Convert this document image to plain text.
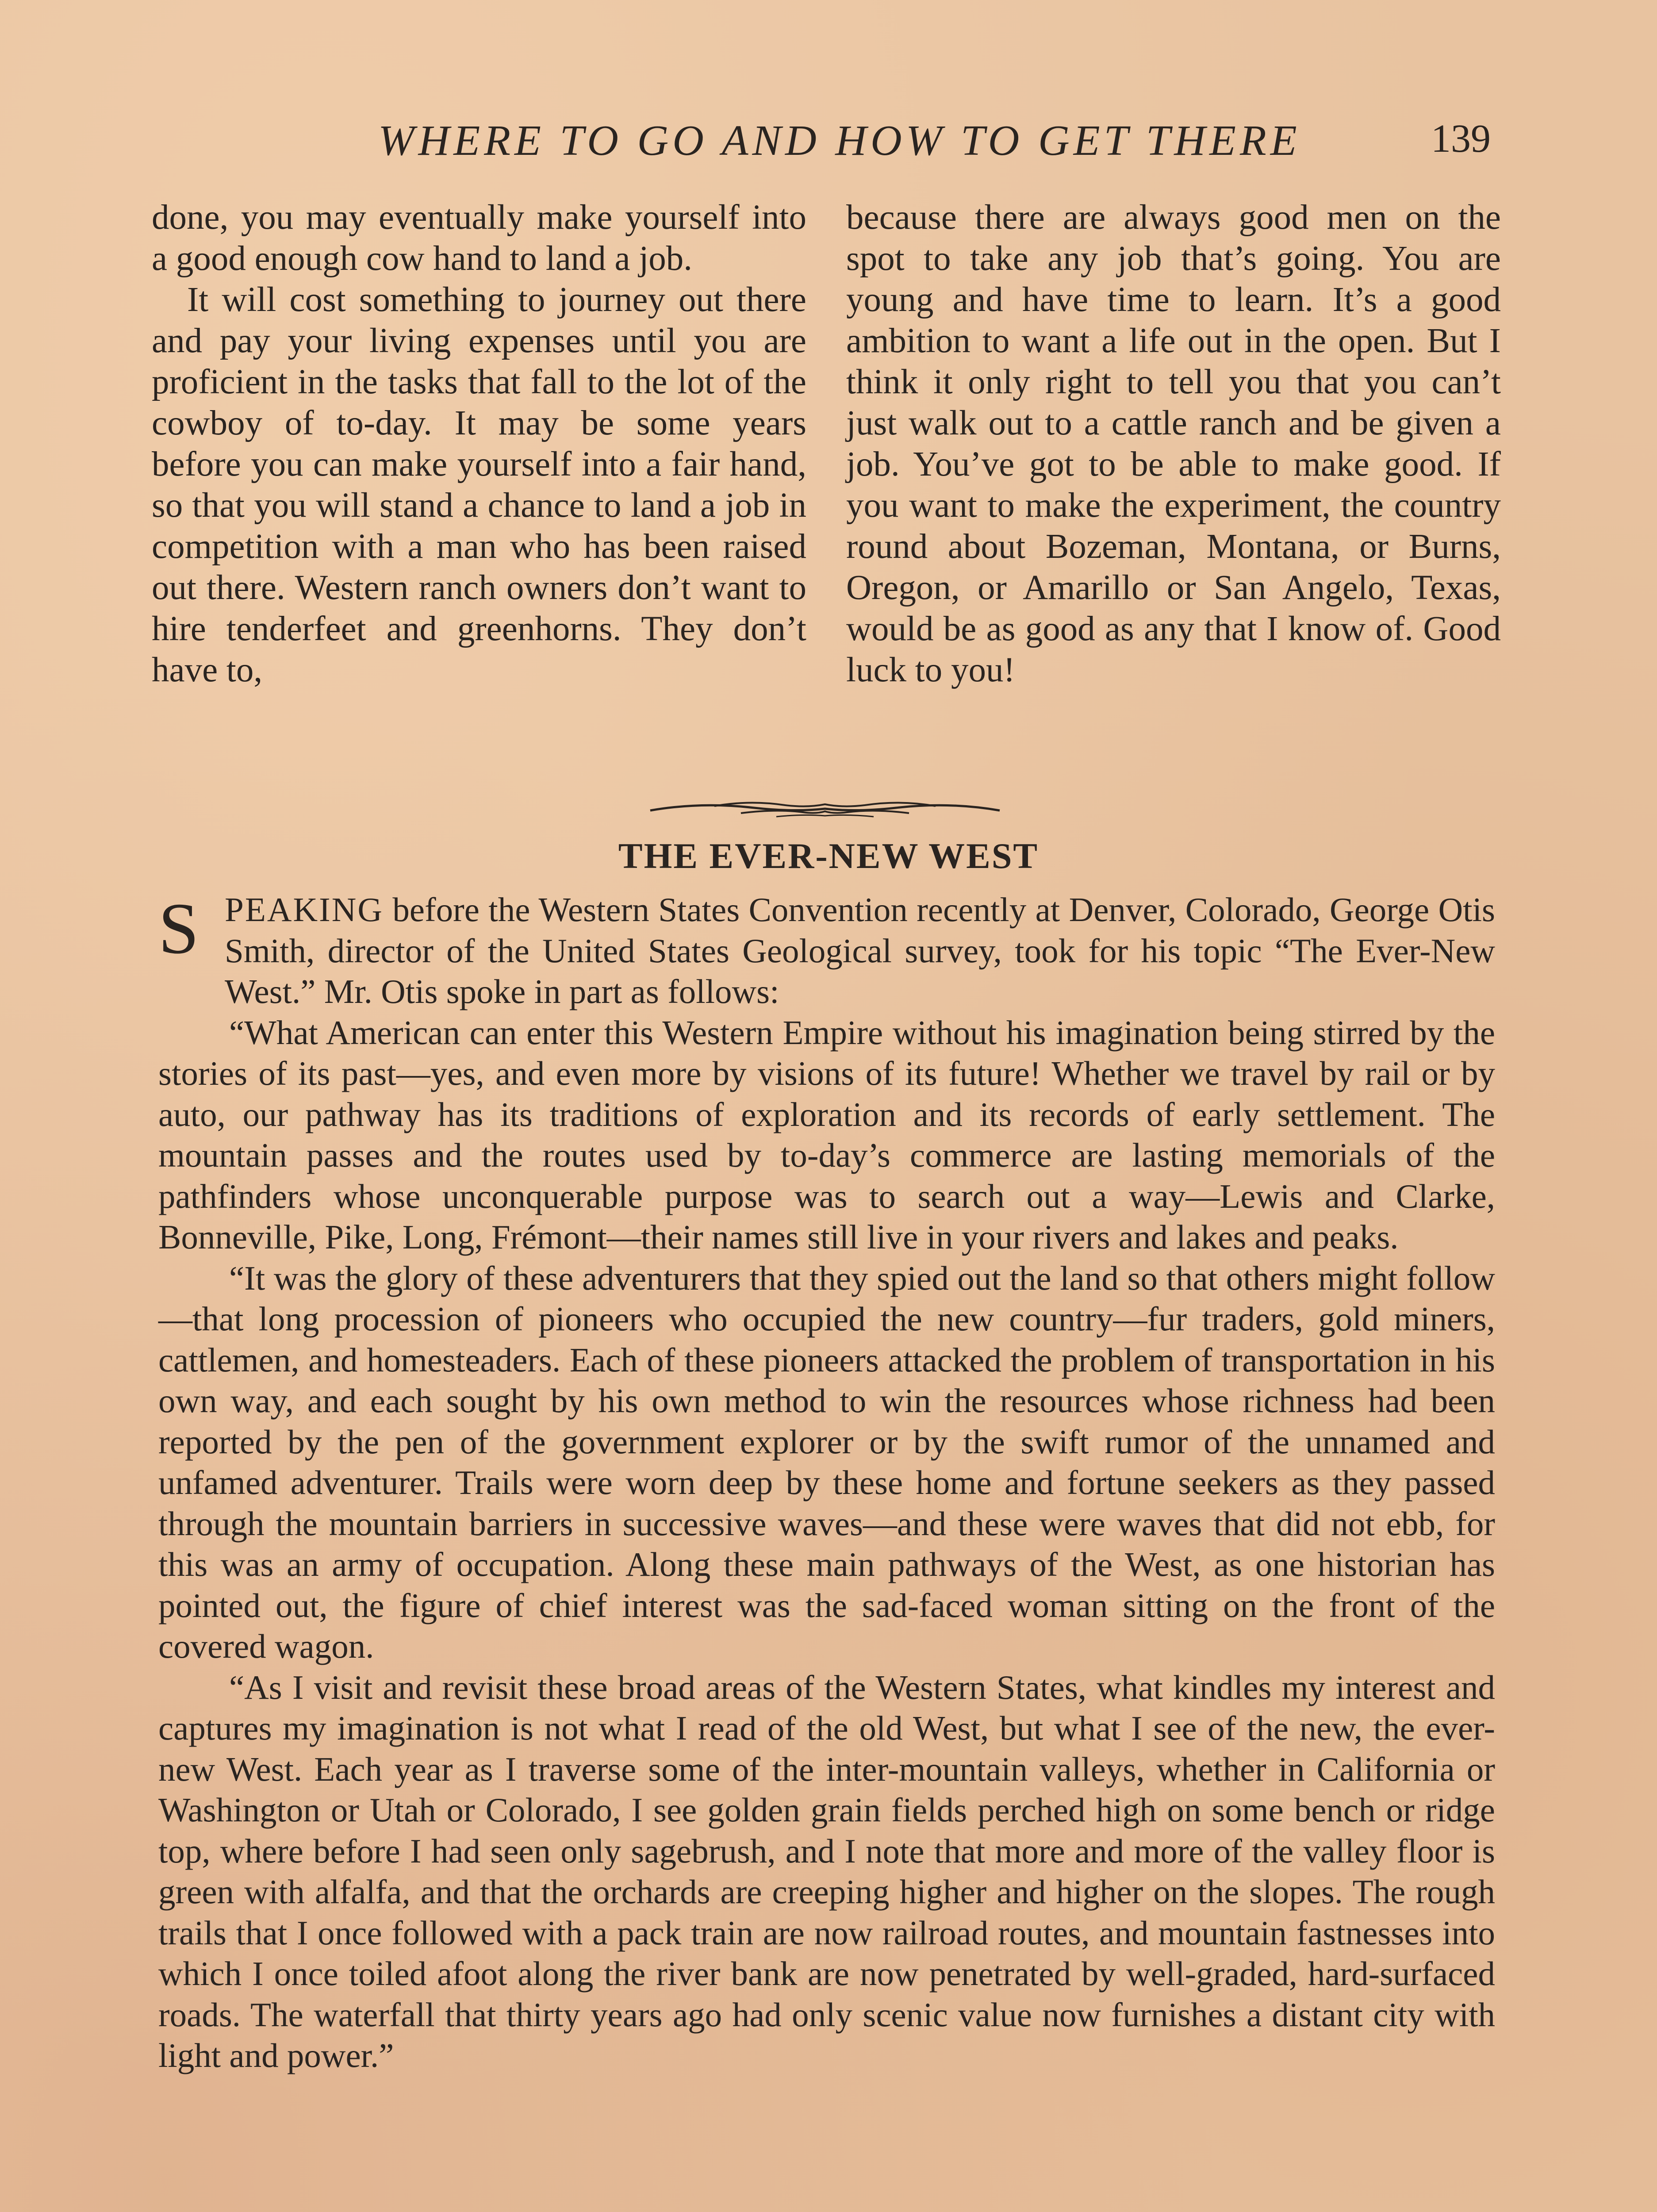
WHERE TO GO AND HOW TO GET THERE	139

done, you may eventually make yourself into a good enough cow hand to land a job.

It will cost something to journey out there and pay your living expenses until you are proficient in the tasks that fall to the lot of the cowboy of to-day. It may be some years before you can make yourself into a fair hand, so that you will stand a chance to land a job in competition with a man who has been raised out there. Western ranch owners don’t want to hire tenderfeet and greenhorns. They don’t have to,

because there are always good men on the spot to take any job that’s going. You are young and have time to learn. It’s a good ambition to want a life out in the open. But I think it only right to tell you that you can’t just walk out to a cattle ranch and be given a job. You’ve got to be able to make good. If you want to make the experiment, the country round about Bozeman, Montana, or Burns, Oregon, or Amarillo or San Angelo, Texas, would be as good as any that I know of. Good luck to you!

THE EVER-NEW WEST
S PEAKING before the Western States Convention recently at Denver, Colorado, George Otis Smith, director of the United States Geological survey, took for his topic “The Ever-New West.” Mr. Otis spoke in part as follows:

“What American can enter this Western Empire without his imagination being stirred by the stories of its past—yes, and even more by visions of its future! Whether we travel by rail or by auto, our pathway has its traditions of exploration and its records of early settlement. The mountain passes and the routes used by to-day’s commerce are lasting memorials of the pathfinders whose unconquerable purpose was to search out a way—Lewis and Clarke, Bonneville, Pike, Long, Frémont—their names still live in your rivers and lakes and peaks.

“It was the glory of these adventurers that they spied out the land so that others might follow—that long procession of pioneers who occupied the new country—fur traders, gold miners, cattlemen, and homesteaders. Each of these pioneers attacked the problem of transportation in his own way, and each sought by his own method to win the resources whose richness had been reported by the pen of the government explorer or by the swift rumor of the unnamed and unfamed adventurer. Trails were worn deep by these home and fortune seekers as they passed through the mountain barriers in successive waves—and these were waves that did not ebb, for this was an army of occupation. Along these main pathways of the West, as one historian has pointed out, the figure of chief interest was the sad-faced woman sitting on the front of the covered wagon.

“As I visit and revisit these broad areas of the Western States, what kindles my interest and captures my imagination is not what I read of the old West, but what I see of the new, the ever-new West. Each year as I traverse some of the inter-mountain valleys, whether in California or Washington or Utah or Colorado, I see golden grain fields perched high on some bench or ridge top, where before I had seen only sagebrush, and I note that more and more of the valley floor is green with alfalfa, and that the orchards are creeping higher and higher on the slopes. The rough trails that I once followed with a pack train are now railroad routes, and mountain fastnesses into which I once toiled afoot along the river bank are now penetrated by well-graded, hard-surfaced roads. The waterfall that thirty years ago had only scenic value now furnishes a distant city with light and power.”
